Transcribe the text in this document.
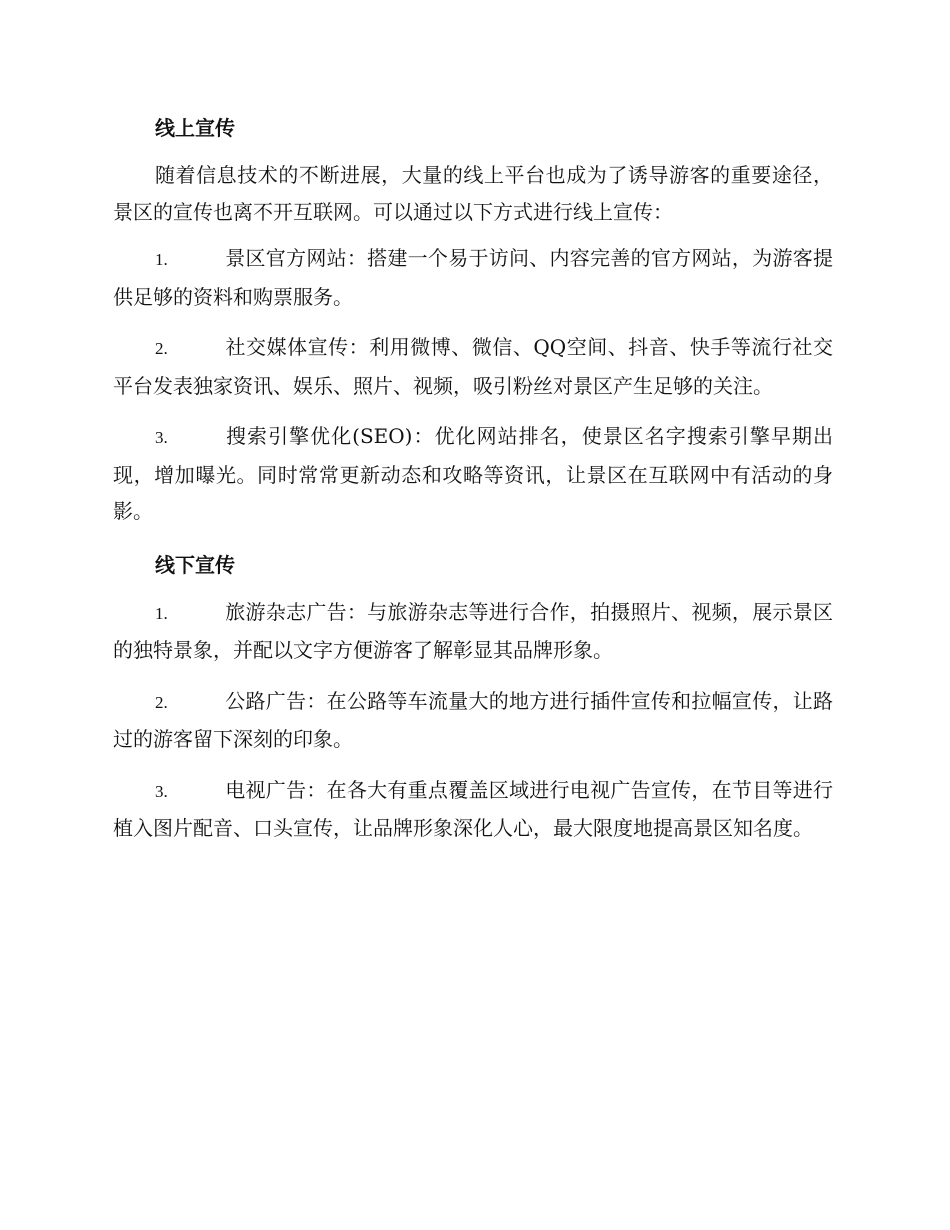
线上宣传

随着信息技术的不断进展，大量的线上平台也成为了诱导游客的重要途径，景区的宣传也离不开互联网。可以通过以下方式进行线上宣传：

1.	景区官方网站：搭建一个易于访问、内容完善的官方网站，为游客提供足够的资料和购票服务。

2.	社交媒体宣传：利用微博、微信、QQ空间、抖音、快手等流行社交平台发表独家资讯、娱乐、照片、视频，吸引粉丝对景区产生足够的关注。

3.	搜索引擎优化(SEO)：优化网站排名，使景区名字搜索引擎早期出现，增加曝光。同时常常更新动态和攻略等资讯，让景区在互联网中有活动的身影。

线下宣传

1.	旅游杂志广告：与旅游杂志等进行合作，拍摄照片、视频，展示景区的独特景象，并配以文字方便游客了解彰显其品牌形象。

2.	公路广告：在公路等车流量大的地方进行插件宣传和拉幅宣传，让路过的游客留下深刻的印象。

3.	电视广告：在各大有重点覆盖区域进行电视广告宣传，在节目等进行植入图片配音、口头宣传，让品牌形象深化人心，最大限度地提高景区知名度。
